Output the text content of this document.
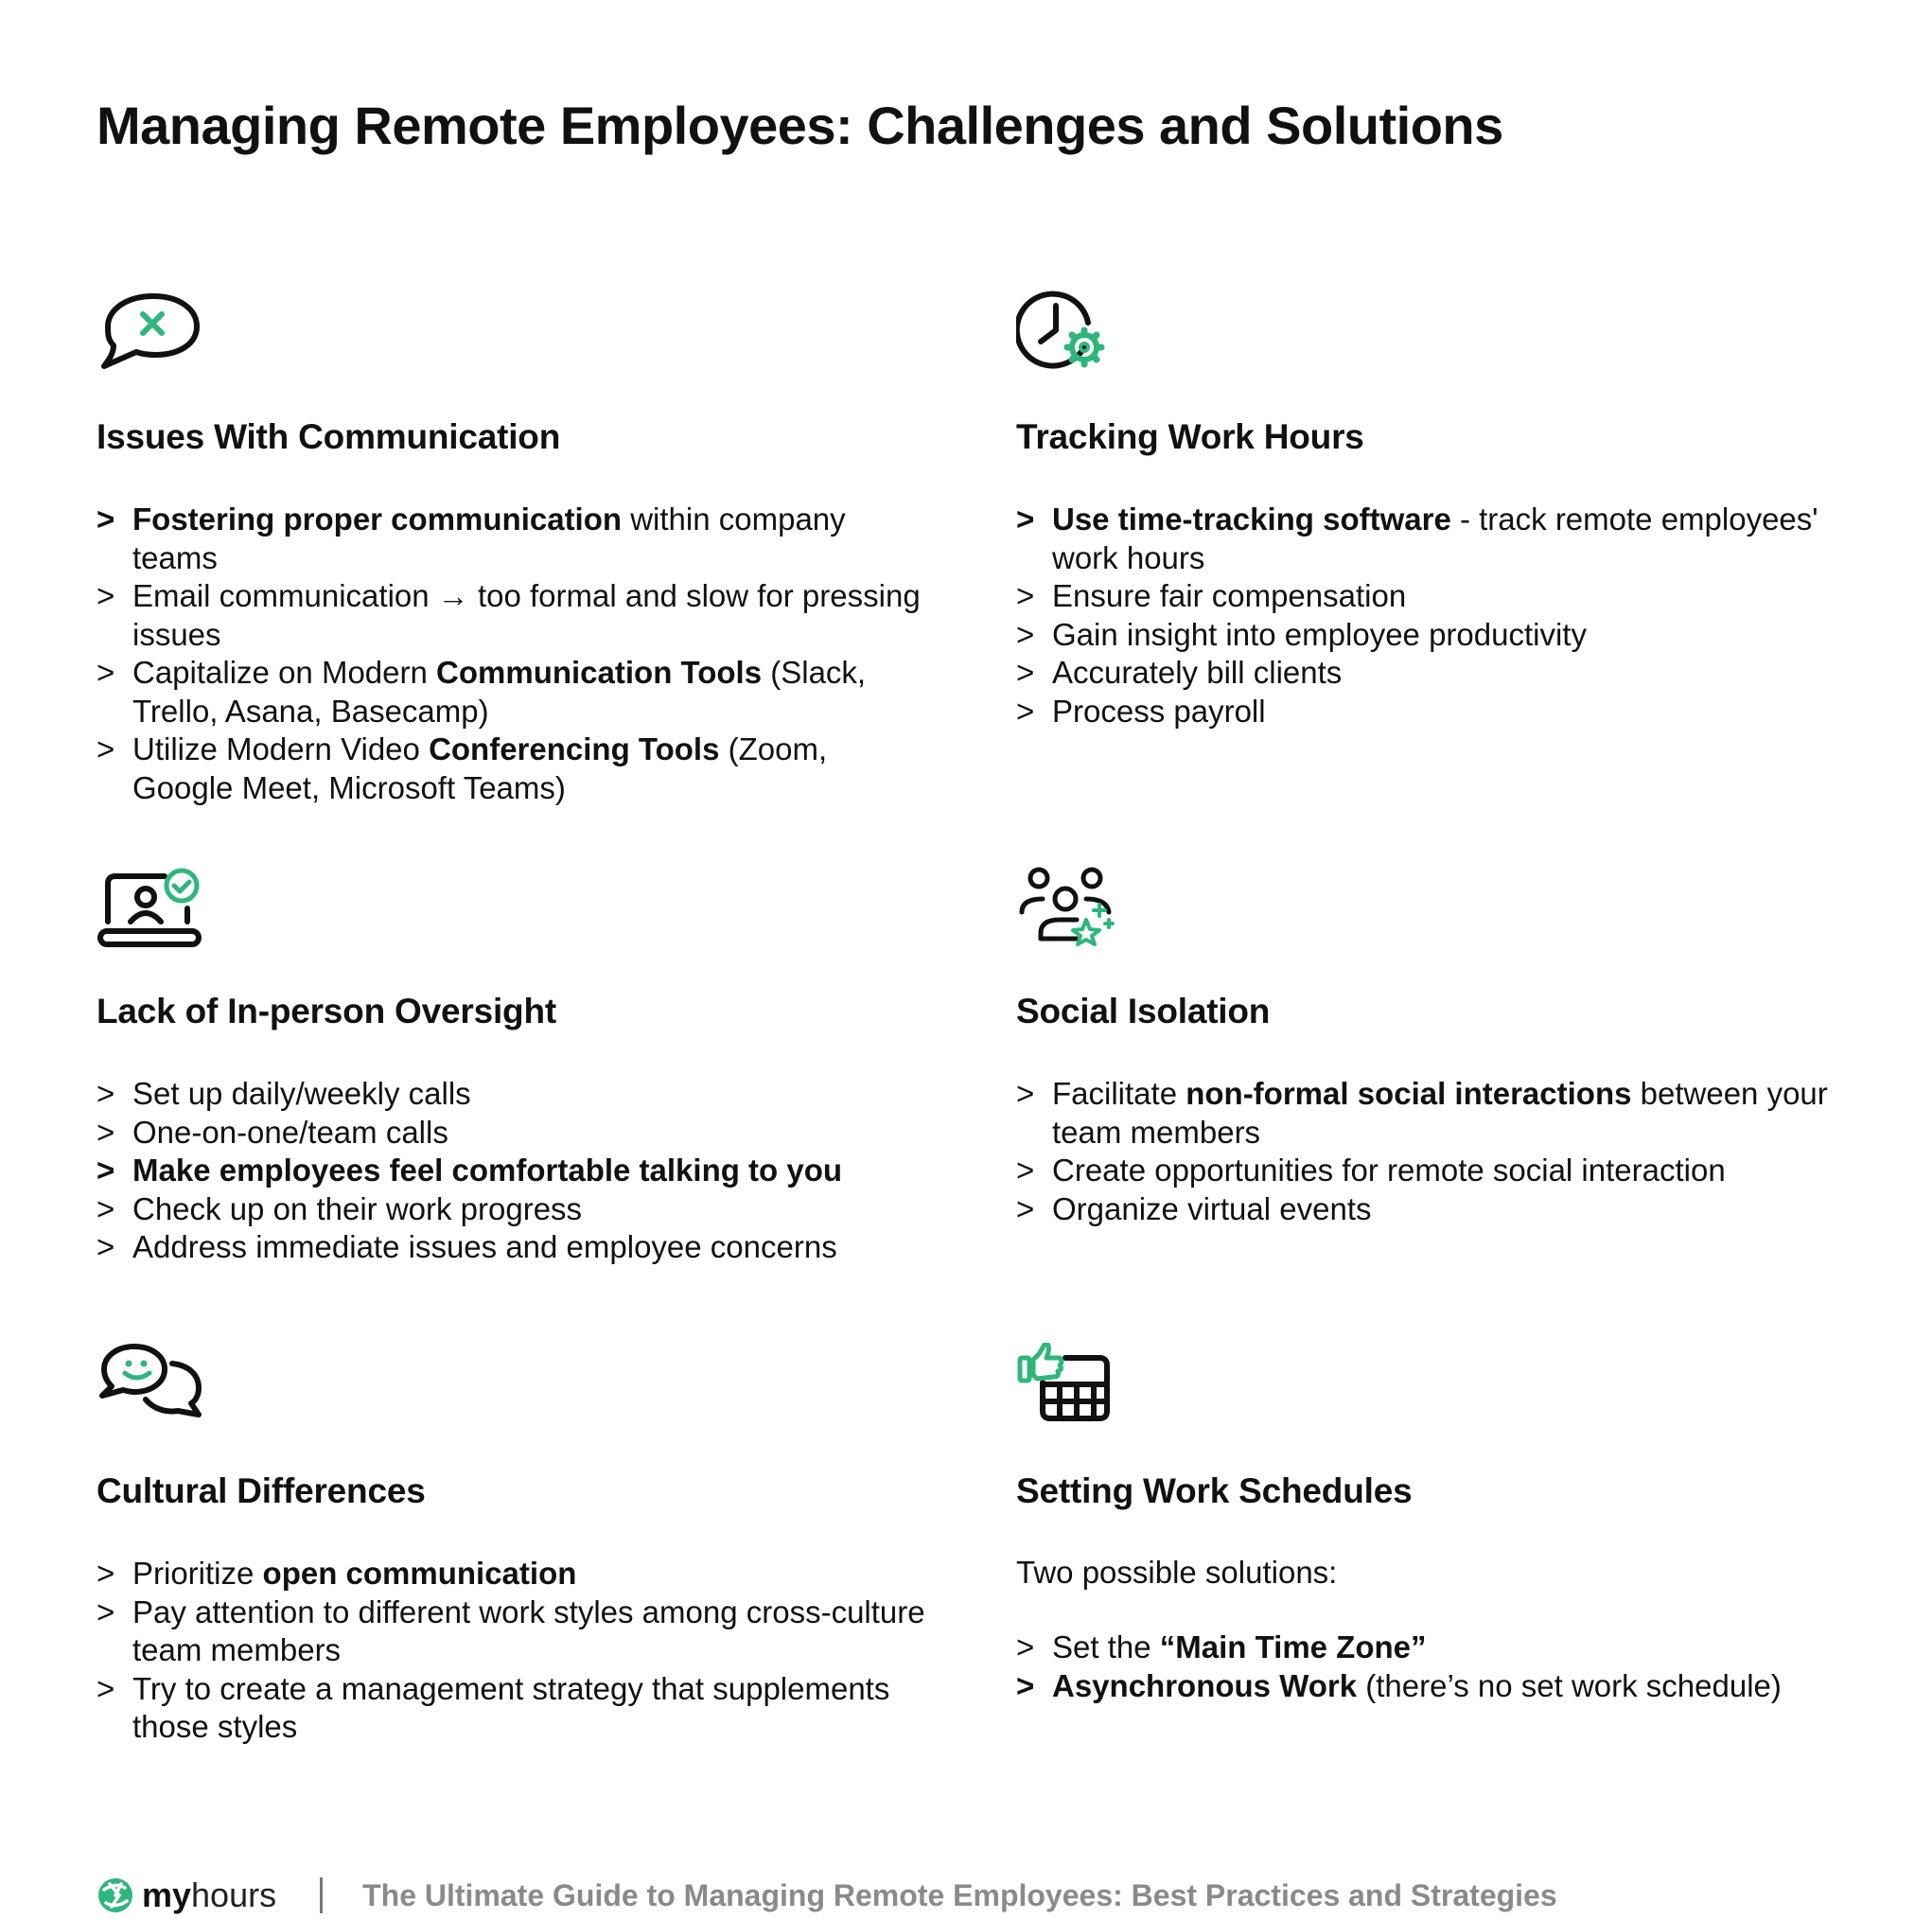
Managing Remote Employees: Challenges and Solutions
Issues With Communication
> Fostering proper communication within company teams
> Email communication → too formal and slow for pressing issues
> Capitalize on Modern Communication Tools (Slack, Trello, Asana, Basecamp)
> Utilize Modern Video Conferencing Tools (Zoom, Google Meet, Microsoft Teams)
Tracking Work Hours
> Use time-tracking software - track remote employees' work hours
> Ensure fair compensation
> Gain insight into employee productivity
> Accurately bill clients
> Process payroll
Lack of In-person Oversight
> Set up daily/weekly calls
> One-on-one/team calls
> Make employees feel comfortable talking to you
> Check up on their work progress
> Address immediate issues and employee concerns
Social Isolation
> Facilitate non-formal social interactions between your team members
> Create opportunities for remote social interaction
> Organize virtual events
Cultural Differences
> Prioritize open communication
> Pay attention to different work styles among cross-culture team members
> Try to create a management strategy that supplements those styles
Setting Work Schedules

Two possible solutions:

> Set the “Main Time Zone”
> Asynchronous Work (there’s no set work schedule)
my hours	The Ultimate Guide to Managing Remote Employees: Best Practices and Strategies
